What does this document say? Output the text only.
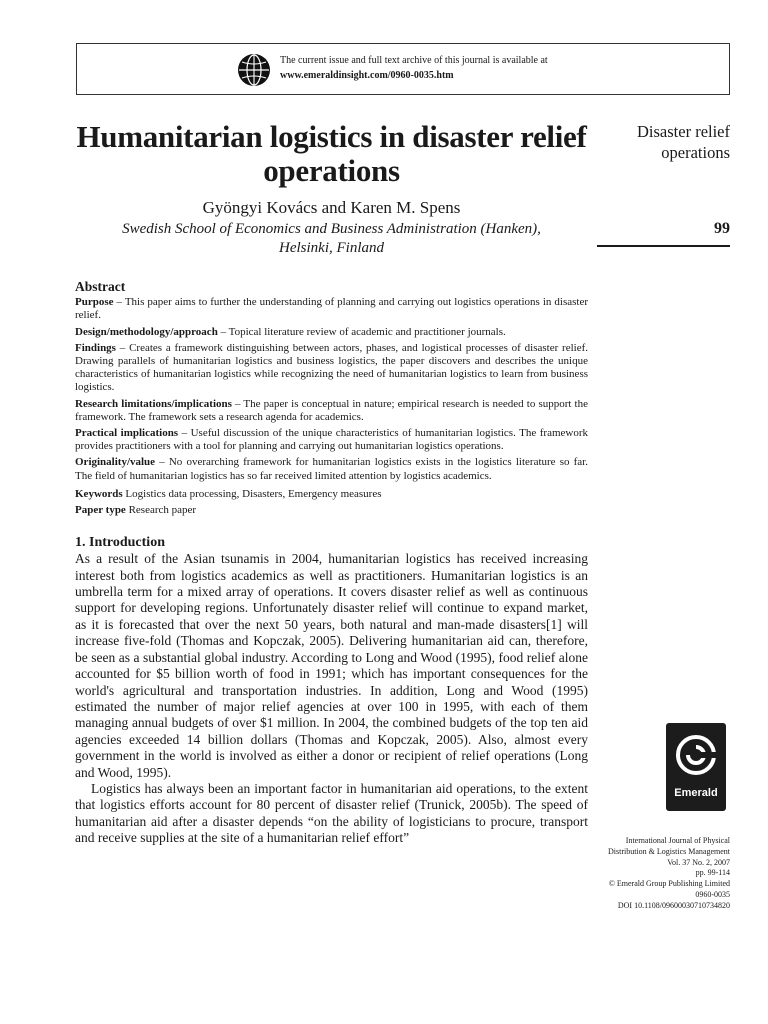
The current issue and full text archive of this journal is available at
www.emeraldinsight.com/0960-0035.htm
Disaster relief
operations
99
Humanitarian logistics in disaster relief operations
Gyöngyi Kovács and Karen M. Spens
Swedish School of Economics and Business Administration (Hanken),
Helsinki, Finland
Abstract

Purpose – This paper aims to further the understanding of planning and carrying out logistics operations in disaster relief.

Design/methodology/approach – Topical literature review of academic and practitioner journals.

Findings – Creates a framework distinguishing between actors, phases, and logistical processes of disaster relief. Drawing parallels of humanitarian logistics and business logistics, the paper discovers and describes the unique characteristics of humanitarian logistics while recognizing the need of humanitarian logistics to learn from business logistics.

Research limitations/implications – The paper is conceptual in nature; empirical research is needed to support the framework. The framework sets a research agenda for academics.

Practical implications – Useful discussion of the unique characteristics of humanitarian logistics. The framework provides practitioners with a tool for planning and carrying out humanitarian logistics operations.

Originality/value – No overarching framework for humanitarian logistics exists in the logistics literature so far. The field of humanitarian logistics has so far received limited attention by logistics academics.

Keywords Logistics data processing, Disasters, Emergency measures

Paper type Research paper

1. Introduction

As a result of the Asian tsunamis in 2004, humanitarian logistics has received increasing interest both from logistics academics as well as practitioners. Humanitarian logistics is an umbrella term for a mixed array of operations. It covers disaster relief as well as continuous support for developing regions. Unfortunately disaster relief will continue to expand market, as it is forecasted that over the next 50 years, both natural and man-made disasters[1] will increase five-fold (Thomas and Kopczak, 2005). Delivering humanitarian aid can, therefore, be seen as a substantial global industry. According to Long and Wood (1995), food relief alone accounted for $5 billion worth of food in 1991; which has important consequences for the world's agricultural and transportation industries. In addition, Long and Wood (1995) estimated the number of major relief agencies at over 100 in 1995, with each of them managing annual budgets of over $1 million. In 2004, the combined budgets of the top ten aid agencies exceeded 14 billion dollars (Thomas and Kopczak, 2005). Also, almost every government in the world is involved as either a donor or recipient of relief operations (Long and Wood, 1995).

Logistics has always been an important factor in humanitarian aid operations, to the extent that logistics efforts account for 80 percent of disaster relief (Trunick, 2005b). The speed of humanitarian aid after a disaster depends “on the ability of logisticians to procure, transport and receive supplies at the site of a humanitarian relief effort”

Emerald
International Journal of Physical
Distribution & Logistics Management
Vol. 37 No. 2, 2007
pp. 99-114
© Emerald Group Publishing Limited
0960-0035
DOI 10.1108/09600030710734820
